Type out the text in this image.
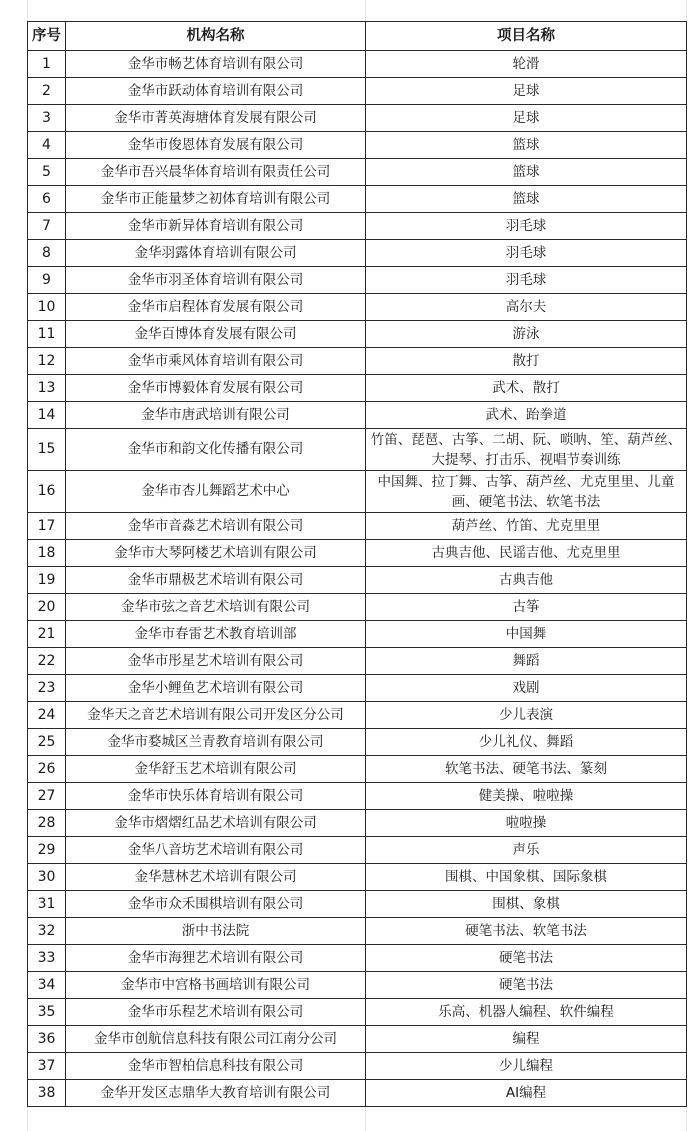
序号	机构名称	项目名称
1	金华市畅艺体育培训有限公司	轮滑
2	金华市跃动体育培训有限公司	足球
3	金华市菁英海塘体育发展有限公司	足球
4	金华市俊恩体育发展有限公司	篮球
5	金华市吾兴晨华体育培训有限责任公司	篮球
6	金华市正能量梦之初体育培训有限公司	篮球
7	金华市新异体育培训有限公司	羽毛球
8	金华羽露体育培训有限公司	羽毛球
9	金华市羽圣体育培训有限公司	羽毛球
10	金华市启程体育发展有限公司	高尔夫
11	金华百博体育发展有限公司	游泳
12	金华市乘风体育培训有限公司	散打
13	金华市博毅体育发展有限公司	武术、散打
14	金华市唐武培训有限公司	武术、跆拳道
15	金华市和韵文化传播有限公司	竹笛、琵琶、古筝、二胡、阮、唢呐、笙、葫芦丝、大提琴、打击乐、视唱节奏训练
16	金华市杏儿舞蹈艺术中心	中国舞、拉丁舞、古筝、葫芦丝、尤克里里、儿童画、硬笔书法、软笔书法
17	金华市音淼艺术培训有限公司	葫芦丝、竹笛、尤克里里
18	金华市大琴阿楼艺术培训有限公司	古典吉他、民谣吉他、尤克里里
19	金华市鼎极艺术培训有限公司	古典吉他
20	金华市弦之音艺术培训有限公司	古筝
21	金华市春雷艺术教育培训部	中国舞
22	金华市彤星艺术培训有限公司	舞蹈
23	金华小鲤鱼艺术培训有限公司	戏剧
24	金华天之音艺术培训有限公司开发区分公司	少儿表演
25	金华市婺城区兰青教育培训有限公司	少儿礼仪、舞蹈
26	金华舒玉艺术培训有限公司	软笔书法、硬笔书法、篆刻
27	金华市快乐体育培训有限公司	健美操、啦啦操
28	金华市熠熠红品艺术培训有限公司	啦啦操
29	金华八音坊艺术培训有限公司	声乐
30	金华慧林艺术培训有限公司	围棋、中国象棋、国际象棋
31	金华市众禾围棋培训有限公司	围棋、象棋
32	浙中书法院	硬笔书法、软笔书法
33	金华市海狸艺术培训有限公司	硬笔书法
34	金华市中宫格书画培训有限公司	硬笔书法
35	金华市乐程艺术培训有限公司	乐高、机器人编程、软件编程
36	金华市创航信息科技有限公司江南分公司	编程
37	金华市智柏信息科技有限公司	少儿编程
38	金华开发区志鼎华大教育培训有限公司	AI编程
